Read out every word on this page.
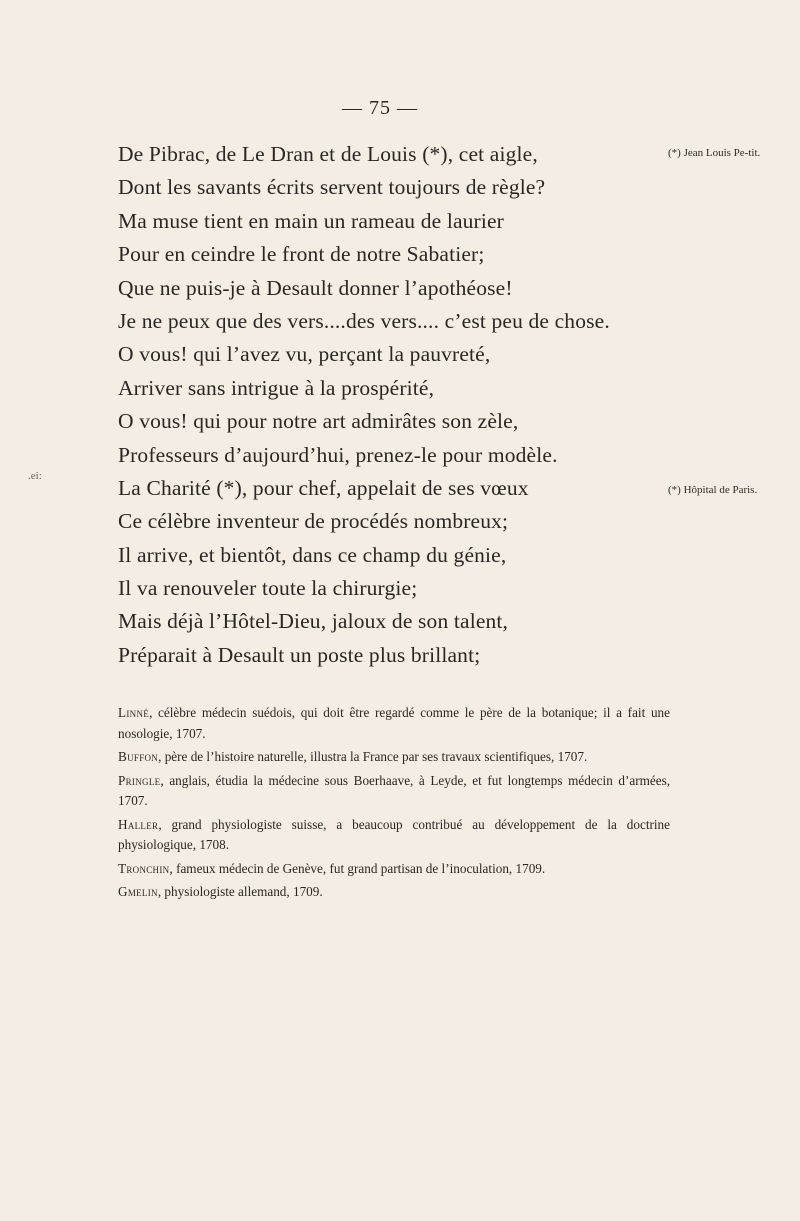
— 75 —
.ei:
De Pibrac, de Le Dran et de Louis (*), cet aigle,
Dont les savants écrits servent toujours de règle?
Ma muse tient en main un rameau de laurier
Pour en ceindre le front de notre Sabatier;
Que ne puis-je à Desault donner l’apothéose!
Je ne peux que des vers....des vers.... c’est peu de chose.
O vous! qui l’avez vu, perçant la pauvreté,
Arriver sans intrigue à la prospérité,
O vous! qui pour notre art admirâtes son zèle,
Professeurs d’aujourd’hui, prenez-le pour modèle.
La Charité (*), pour chef, appelait de ses vœux
Ce célèbre inventeur de procédés nombreux;
Il arrive, et bientôt, dans ce champ du génie,
Il va renouveler toute la chirurgie;
Mais déjà l’Hôtel-Dieu, jaloux de son talent,
Préparait à Desault un poste plus brillant;
(*) Jean Louis Pe-tit.
(*) Hôpital de Paris.
Linné, célèbre médecin suédois, qui doit être regardé comme le père de la botanique; il a fait une nosologie, 1707.
Buffon, père de l’histoire naturelle, illustra la France par ses travaux scientifiques, 1707.
Pringle, anglais, étudia la médecine sous Boerhaave, à Leyde, et fut longtemps médecin d’armées, 1707.
Haller, grand physiologiste suisse, a beaucoup contribué au développement de la doctrine physiologique, 1708.
Tronchin, fameux médecin de Genève, fut grand partisan de l’inoculation, 1709.
Gmelin, physiologiste allemand, 1709.
